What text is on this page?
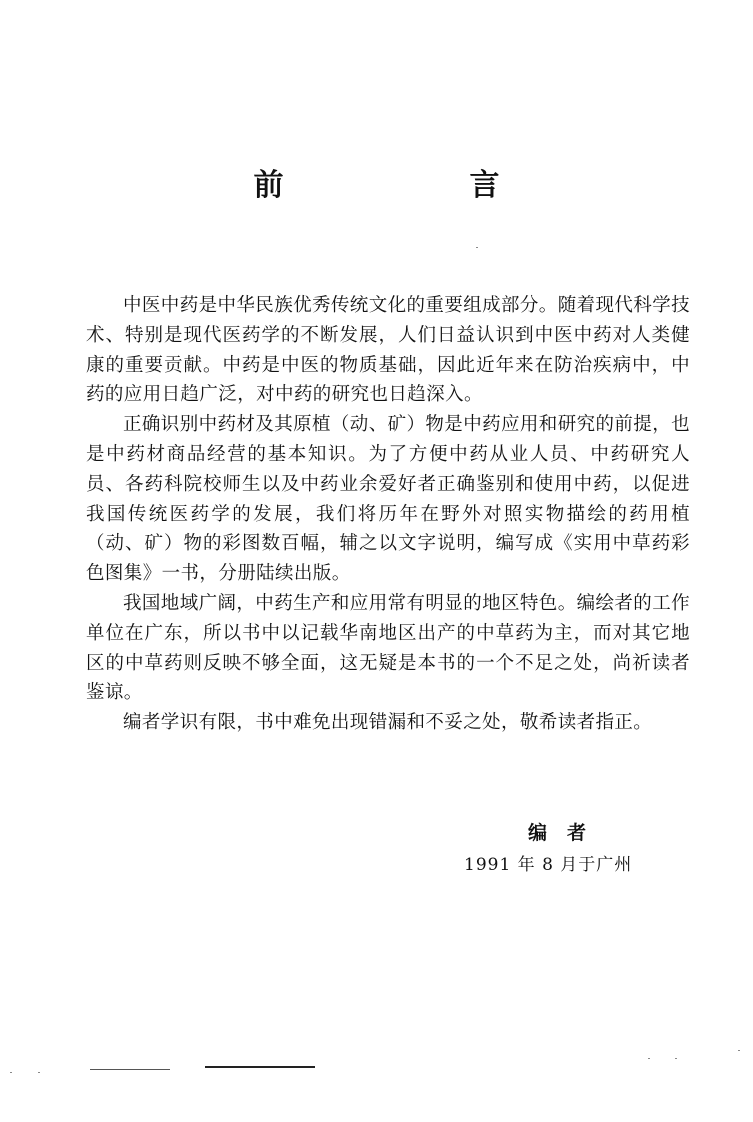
前　言

中医中药是中华民族优秀传统文化的重要组成部分。随着现代科学技术、特别是现代医药学的不断发展，人们日益认识到中医中药对人类健康的重要贡献。中药是中医的物质基础，因此近年来在防治疾病中，中药的应用日趋广泛，对中药的研究也日趋深入。

正确识别中药材及其原植（动、矿）物是中药应用和研究的前提，也是中药材商品经营的基本知识。为了方便中药从业人员、中药研究人员、各药科院校师生以及中药业余爱好者正确鉴别和使用中药，以促进我国传统医药学的发展，我们将历年在野外对照实物描绘的药用植（动、矿）物的彩图数百幅，辅之以文字说明，编写成《实用中草药彩色图集》一书，分册陆续出版。

我国地域广阔，中药生产和应用常有明显的地区特色。编绘者的工作单位在广东，所以书中以记载华南地区出产的中草药为主，而对其它地区的中草药则反映不够全面，这无疑是本书的一个不足之处，尚祈读者鉴谅。

编者学识有限，书中难免出现错漏和不妥之处，敬希读者指正。

编者
1991 年 8 月于广州
